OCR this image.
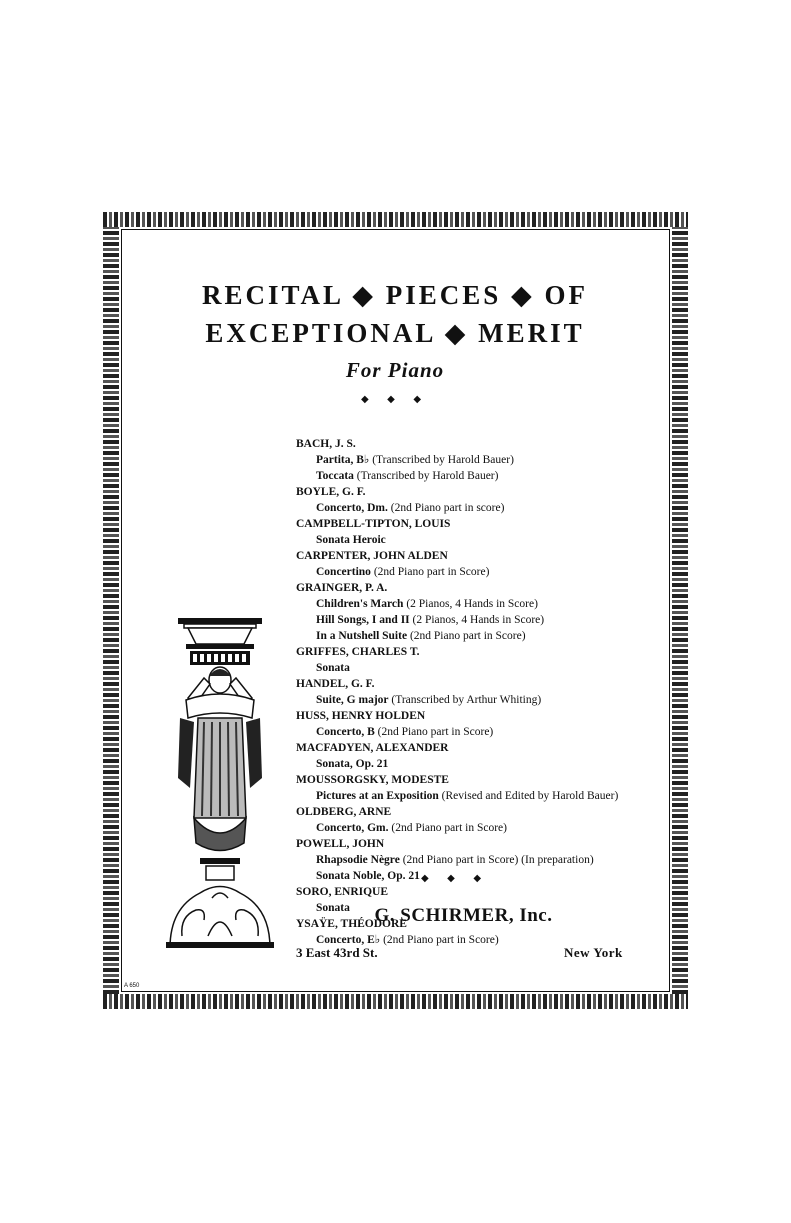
RECITAL ◆ PIECES ◆ OF
EXCEPTIONAL ◆ MERIT
For Piano
◆ ◆ ◆

BACH, J. S.

Partita, B♭ (Transcribed by Harold Bauer)

Toccata (Transcribed by Harold Bauer)

BOYLE, G. F.

Concerto, Dm. (2nd Piano part in score)

CAMPBELL-TIPTON, LOUIS

Sonata Heroic

CARPENTER, JOHN ALDEN

Concertino (2nd Piano part in Score)

GRAINGER, P. A.

Children's March (2 Pianos, 4 Hands in Score)

Hill Songs, I and II (2 Pianos, 4 Hands in Score)

In a Nutshell Suite (2nd Piano part in Score)

GRIFFES, CHARLES T.

Sonata

HANDEL, G. F.

Suite, G major (Transcribed by Arthur Whiting)

HUSS, HENRY HOLDEN

Concerto, B (2nd Piano part in Score)

MACFADYEN, ALEXANDER

Sonata, Op. 21

MOUSSORGSKY, MODESTE

Pictures at an Exposition (Revised and Edited by Harold Bauer)

OLDBERG, ARNE

Concerto, Gm. (2nd Piano part in Score)

POWELL, JOHN

Rhapsodie Nègre (2nd Piano part in Score) (In preparation)

Sonata Noble, Op. 21

SORO, ENRIQUE

Sonata

YSAŸE, THÉODORE

Concerto, E♭ (2nd Piano part in Score)

◆ ◆ ◆
G. SCHIRMER, Inc.
3 East 43rd St.	New York
A 650
